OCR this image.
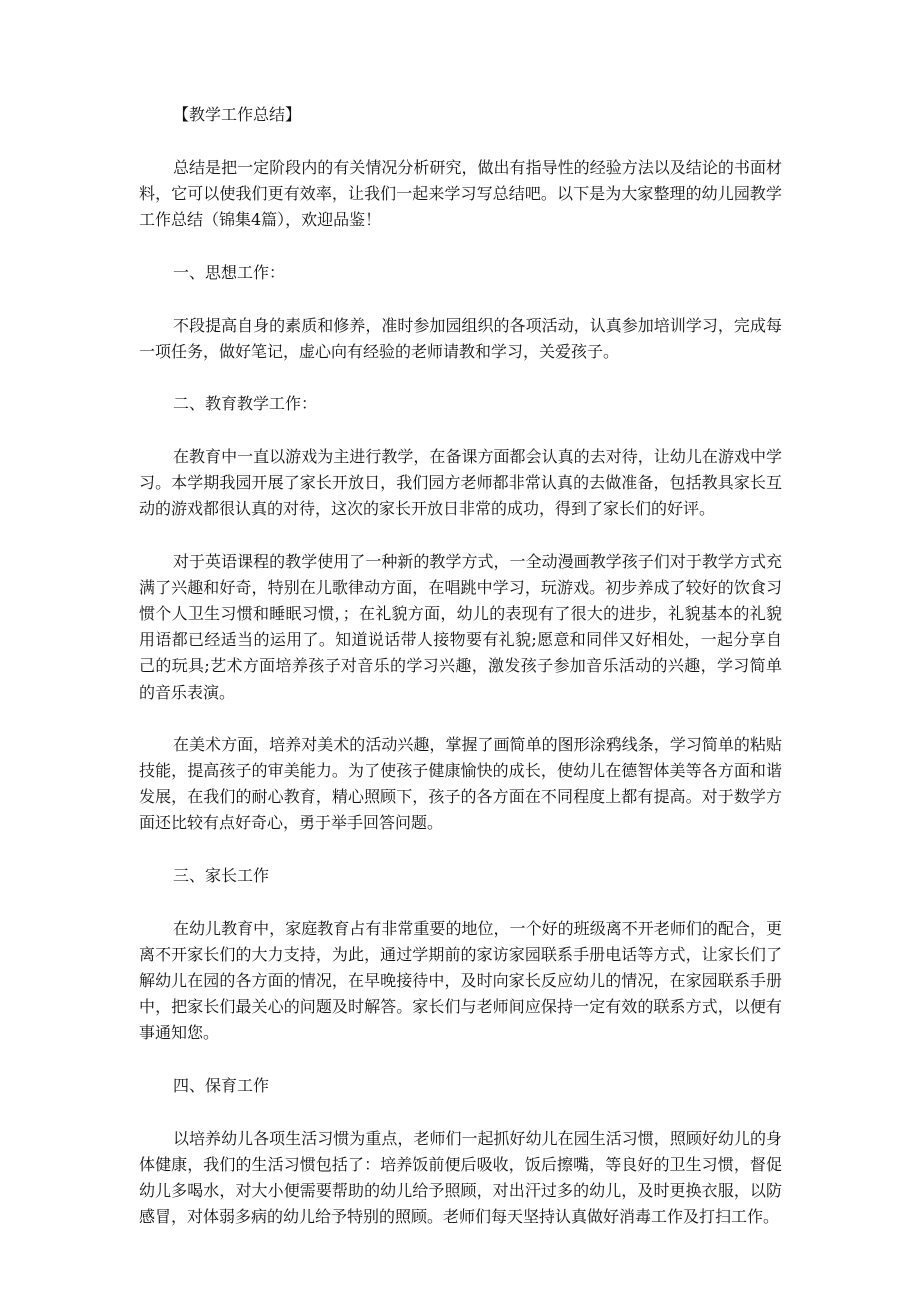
【教学工作总结】

总结是把一定阶段内的有关情况分析研究，做出有指导性的经验方法以及结论的书面材料，它可以使我们更有效率，让我们一起来学习写总结吧。以下是为大家整理的幼儿园教学工作总结（锦集4篇），欢迎品鉴！

一、思想工作：

不段提高自身的素质和修养，准时参加园组织的各项活动，认真参加培训学习，完成每一项任务，做好笔记，虚心向有经验的老师请教和学习，关爱孩子。

二、教育教学工作：

在教育中一直以游戏为主进行教学，在备课方面都会认真的去对待，让幼儿在游戏中学习。本学期我园开展了家长开放日，我们园方老师都非常认真的去做准备，包括教具家长互动的游戏都很认真的对待，这次的家长开放日非常的成功，得到了家长们的好评。

对于英语课程的教学使用了一种新的教学方式，一全动漫画教学孩子们对于教学方式充满了兴趣和好奇，特别在儿歌律动方面，在唱跳中学习，玩游戏。初步养成了较好的饮食习惯个人卫生习惯和睡眠习惯，；在礼貌方面，幼儿的表现有了很大的进步，礼貌基本的礼貌用语都已经适当的运用了。知道说话带人接物要有礼貌;愿意和同伴又好相处，一起分享自己的玩具;艺术方面培养孩子对音乐的学习兴趣，激发孩子参加音乐活动的兴趣，学习简单的音乐表演。

在美术方面，培养对美术的活动兴趣，掌握了画简单的图形涂鸦线条，学习简单的粘贴技能，提高孩子的审美能力。为了使孩子健康愉快的成长，使幼儿在德智体美等各方面和谐发展，在我们的耐心教育，精心照顾下，孩子的各方面在不同程度上都有提高。对于数学方面还比较有点好奇心，勇于举手回答问题。

三、家长工作

在幼儿教育中，家庭教育占有非常重要的地位，一个好的班级离不开老师们的配合，更离不开家长们的大力支持，为此，通过学期前的家访家园联系手册电话等方式，让家长们了解幼儿在园的各方面的情况，在早晚接待中，及时向家长反应幼儿的情况，在家园联系手册中，把家长们最关心的问题及时解答。家长们与老师间应保持一定有效的联系方式，以便有事通知您。

四、保育工作

以培养幼儿各项生活习惯为重点，老师们一起抓好幼儿在园生活习惯，照顾好幼儿的身体健康，我们的生活习惯包括了：培养饭前便后吸收，饭后擦嘴，等良好的卫生习惯，督促幼儿多喝水，对大小便需要帮助的幼儿给予照顾，对出汗过多的幼儿，及时更换衣服，以防感冒，对体弱多病的幼儿给予特别的照顾。老师们每天坚持认真做好消毒工作及打扫工作。
